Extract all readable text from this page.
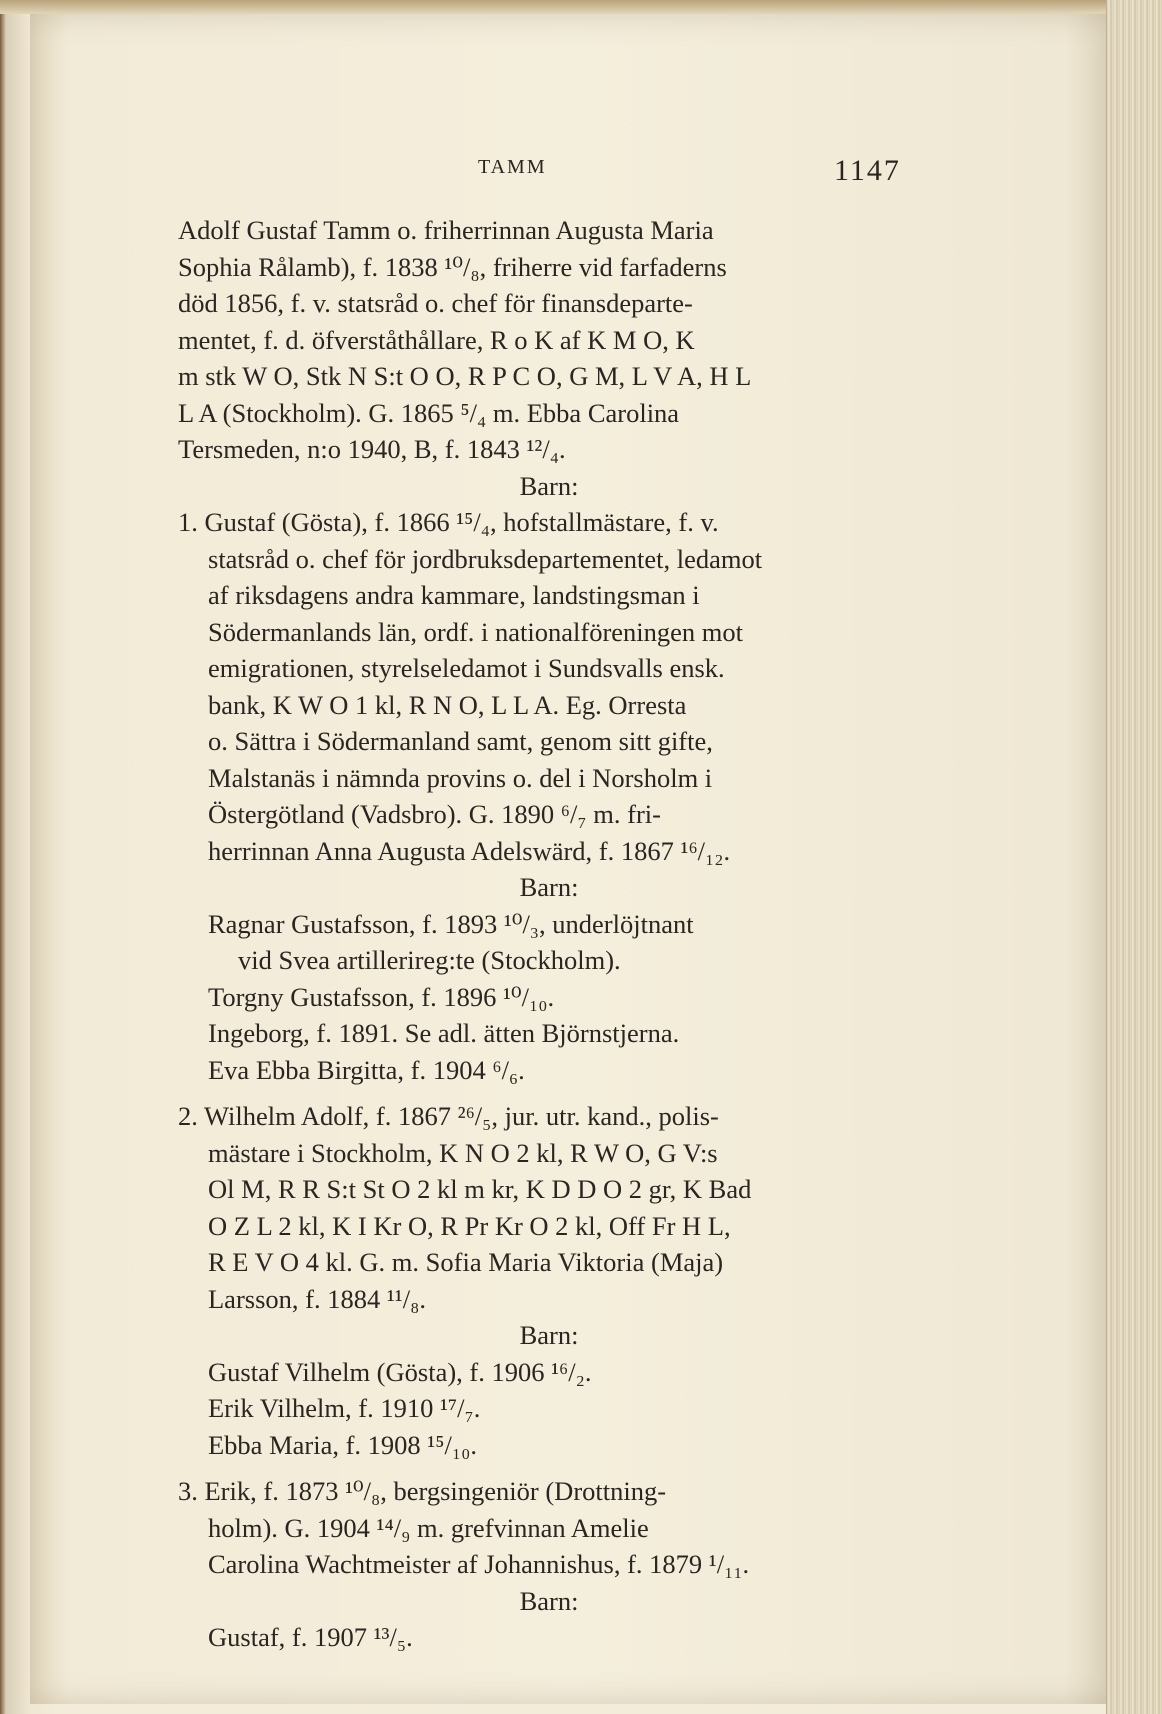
TAMM	1147
Adolf Gustaf Tamm o. friherrinnan Augusta Maria
Sophia Rålamb), f. 1838 ¹⁰/₈, friherre vid farfaderns
död 1856, f. v. statsråd o. chef för finansdeparte-
mentet, f. d. öfverståthållare, R o K af K M O, K
m stk W O, Stk N S:t O O, R P C O, G M, L V A, H L
L A (Stockholm). G. 1865 ⁵/₄ m. Ebba Carolina
Tersmeden, n:o 1940, B, f. 1843 ¹²/₄.
Barn:
1. Gustaf (Gösta), f. 1866 ¹⁵/₄, hofstallmästare, f. v.
statsråd o. chef för jordbruksdepartementet, ledamot
af riksdagens andra kammare, landstingsman i
Södermanlands län, ordf. i nationalföreningen mot
emigrationen, styrelseledamot i Sundsvalls ensk.
bank, K W O 1 kl, R N O, L L A. Eg. Orresta
o. Sättra i Södermanland samt, genom sitt gifte,
Malstanäs i nämnda provins o. del i Norsholm i
Östergötland (Vadsbro). G. 1890 ⁶/₇ m. fri-
herrinnan Anna Augusta Adelswärd, f. 1867 ¹⁶/₁₂.
Barn:
Ragnar Gustafsson, f. 1893 ¹⁰/₃, underlöjtnant
vid Svea artillerireg:te (Stockholm).
Torgny Gustafsson, f. 1896 ¹⁰/₁₀.
Ingeborg, f. 1891. Se adl. ätten Björnstjerna.
Eva Ebba Birgitta, f. 1904 ⁶/₆.
2. Wilhelm Adolf, f. 1867 ²⁶/₅, jur. utr. kand., polis-
mästare i Stockholm, K N O 2 kl, R W O, G V:s
Ol M, R R S:t St O 2 kl m kr, K D D O 2 gr, K Bad
O Z L 2 kl, K I Kr O, R Pr Kr O 2 kl, Off Fr H L,
R E V O 4 kl. G. m. Sofia Maria Viktoria (Maja)
Larsson, f. 1884 ¹¹/₈.
Barn:
Gustaf Vilhelm (Gösta), f. 1906 ¹⁶/₂.
Erik Vilhelm, f. 1910 ¹⁷/₇.
Ebba Maria, f. 1908 ¹⁵/₁₀.
3. Erik, f. 1873 ¹⁰/₈, bergsingeniör (Drottning-
holm). G. 1904 ¹⁴/₉ m. grefvinnan Amelie
Carolina Wachtmeister af Johannishus, f. 1879 ¹/₁₁.
Barn:
Gustaf, f. 1907 ¹³/₅.
